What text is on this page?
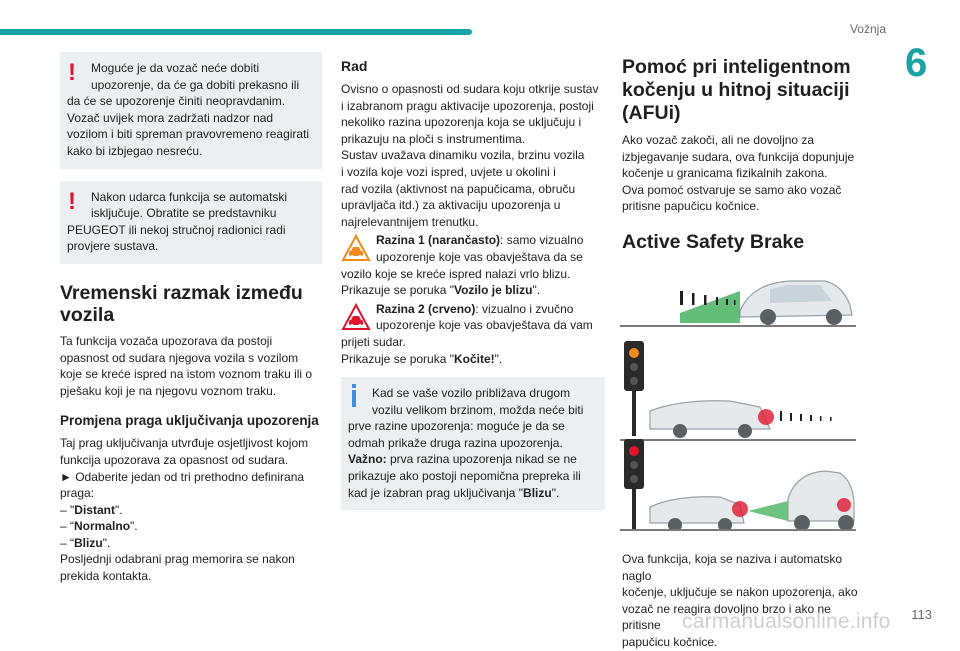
Vožnja
6
!	Moguće je da vozač neće dobiti
upozorenje, da će ga dobiti prekasno ili

da će se upozorenje činiti neopravdanim.

Vozač uvijek mora zadržati nadzor nad

vozilom i biti spreman pravovremeno reagirati

kako bi izbjegao nesreću.

!	Nakon udarca funkcija se automatski
isključuje. Obratite se predstavniku

PEUGEOT ili nekoj stručnoj radionici radi

provjere sustava.

Vremenski razmak između vozila

Ta funkcija vozača upozorava da postoji

opasnost od sudara njegova vozila s vozilom

koje se kreće ispred na istom voznom traku ili o

pješaku koji je na njegovu voznom traku.

Promjena praga uključivanja upozorenja

Taj prag uključivanja utvrđuje osjetljivost kojom

funkcija upozorava za opasnost od sudara.

► Odaberite jedan od tri prethodno definirana

praga:

– "Distant".

– “Normalno".

– “Blizu".

Posljednji odabrani prag memorira se nakon

prekida kontakta.

Rad

Ovisno o opasnosti od sudara koju otkrije sustav

i izabranom pragu aktivacije upozorenja, postoji

nekoliko razina upozorenja koja se uključuju i

prikazuju na ploči s instrumentima.

Sustav uvažava dinamiku vozila, brzinu vozila

i vozila koje vozi ispred, uvjete u okolini i

rad vozila (aktivnost na papučicama, obruču

upravljača itd.) za aktivaciju upozorenja u

najrelevantnijem trenutku.

Razina 1 (narančasto): samo vizualno

upozorenje koje vas obavještava da se

vozilo koje se kreće ispred nalazi vrlo blizu.

Prikazuje se poruka "Vozilo je blizu".

Razina 2 (crveno): vizualno i zvučno

upozorenje koje vas obavještava da vam

prijeti sudar.

Prikazuje se poruka "Kočite!".

Kad se vaše vozilo približava drugom
vozilu velikom brzinom, možda neće biti

prve razine upozorenja: moguće je da se

odmah prikaže druga razina upozorenja.

Važno: prva razina upozorenja nikad se ne

prikazuje ako postoji nepomična prepreka ili

kad je izabran prag uključivanja "Blizu".

Pomoć pri inteligentnom kočenju u hitnoj situaciji (AFUi)

Ako vozač zakoči, ali ne dovoljno za

izbjegavanje sudara, ova funkcija dopunjuje

kočenje u granicama fizikalnih zakona.

Ova pomoć ostvaruje se samo ako vozač

pritisne papučicu kočnice.

Active Safety Brake

Ova funkcija, koja se naziva i automatsko naglo

kočenje, uključuje se nakon upozorenja, ako

vozač ne reagira dovoljno brzo i ako ne pritisne

papučicu kočnice.

113
carmanualsonline.info
